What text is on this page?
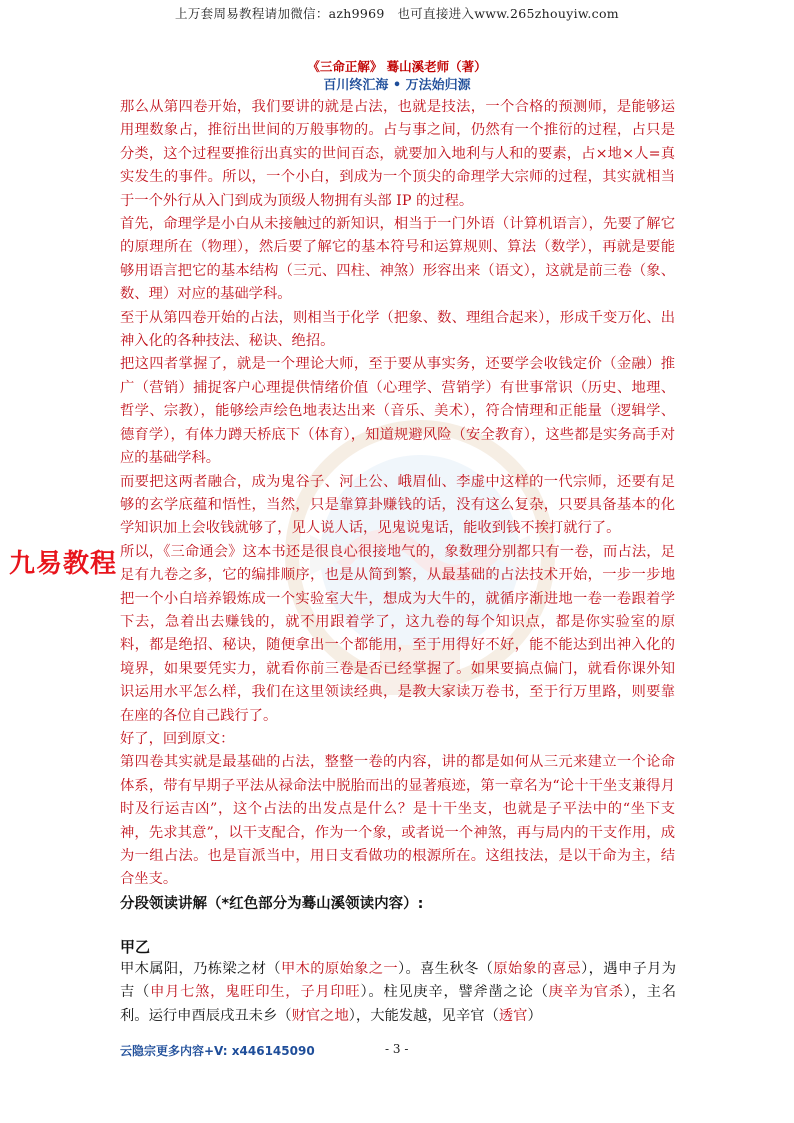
上万套周易教程请加微信：azh9969　也可直接进入www.265zhouyiw.com
《三命正解》 蓦山溪老师（著）
百川终汇海 • 万法始归源

那么从第四卷开始，我们要讲的就是占法，也就是技法，一个合格的预测师，是能够运用理数象占，推衍出世间的万般事物的。占与事之间，仍然有一个推衍的过程，占只是分类，这个过程要推衍出真实的世间百态，就要加入地利与人和的要素，占×地×人=真实发生的事件。所以，一个小白，到成为一个顶尖的命理学大宗师的过程，其实就相当于一个外行从入门到成为顶级人物拥有头部 IP 的过程。

首先，命理学是小白从未接触过的新知识，相当于一门外语（计算机语言），先要了解它的原理所在（物理），然后要了解它的基本符号和运算规则、算法（数学），再就是要能够用语言把它的基本结构（三元、四柱、神煞）形容出来（语文），这就是前三卷（象、数、理）对应的基础学科。

至于从第四卷开始的占法，则相当于化学（把象、数、理组合起来），形成千变万化、出神入化的各种技法、秘诀、绝招。

把这四者掌握了，就是一个理论大师，至于要从事实务，还要学会收钱定价（金融）推广（营销）捕捉客户心理提供情绪价值（心理学、营销学）有世事常识（历史、地理、哲学、宗教），能够绘声绘色地表达出来（音乐、美术），符合情理和正能量（逻辑学、德育学），有体力蹲天桥底下（体育），知道规避风险（安全教育），这些都是实务高手对应的基础学科。

而要把这两者融合，成为鬼谷子、河上公、峨眉仙、李虚中这样的一代宗师，还要有足够的玄学底蕴和悟性，当然，只是靠算卦赚钱的话，没有这么复杂，只要具备基本的化学知识加上会收钱就够了，见人说人话，见鬼说鬼话，能收到钱不挨打就行了。

所以，《三命通会》这本书还是很良心很接地气的，象数理分别都只有一卷，而占法，足足有九卷之多，它的编排顺序，也是从简到繁，从最基础的占法技术开始，一步一步地把一个小白培养锻炼成一个实验室大牛，想成为大牛的，就循序渐进地一卷一卷跟着学下去，急着出去赚钱的，就不用跟着学了，这九卷的每个知识点，都是你实验室的原料，都是绝招、秘诀，随便拿出一个都能用，至于用得好不好，能不能达到出神入化的境界，如果要凭实力，就看你前三卷是否已经掌握了。如果要搞点偏门，就看你课外知识运用水平怎么样，我们在这里领读经典，是教大家读万卷书，至于行万里路，则要靠在座的各位自己践行了。

好了，回到原文：

第四卷其实就是最基础的占法，整整一卷的内容，讲的都是如何从三元来建立一个论命体系，带有早期子平法从禄命法中脱胎而出的显著痕迹，第一章名为“论十干坐支兼得月时及行运吉凶”，这个占法的出发点是什么？是十干坐支，也就是子平法中的“坐下支神，先求其意”，以干支配合，作为一个象，或者说一个神煞，再与局内的干支作用，成为一组占法。也是盲派当中，用日支看做功的根源所在。这组技法，是以干命为主，结合坐支。

九易教程
分段领读讲解（*红色部分为蓦山溪领读内容）:
甲乙
甲木属阳，乃栋梁之材（甲木的原始象之一）。喜生秋冬（原始象的喜忌），遇申子月为吉（申月七煞，鬼旺印生，子月印旺）。柱见庚辛，譬斧凿之论（庚辛为官杀），主名利。运行申酉辰戌丑未乡（财官之地），大能发越，见辛官（透官）
云隐宗更多内容+V: x446145090	- 3 -
